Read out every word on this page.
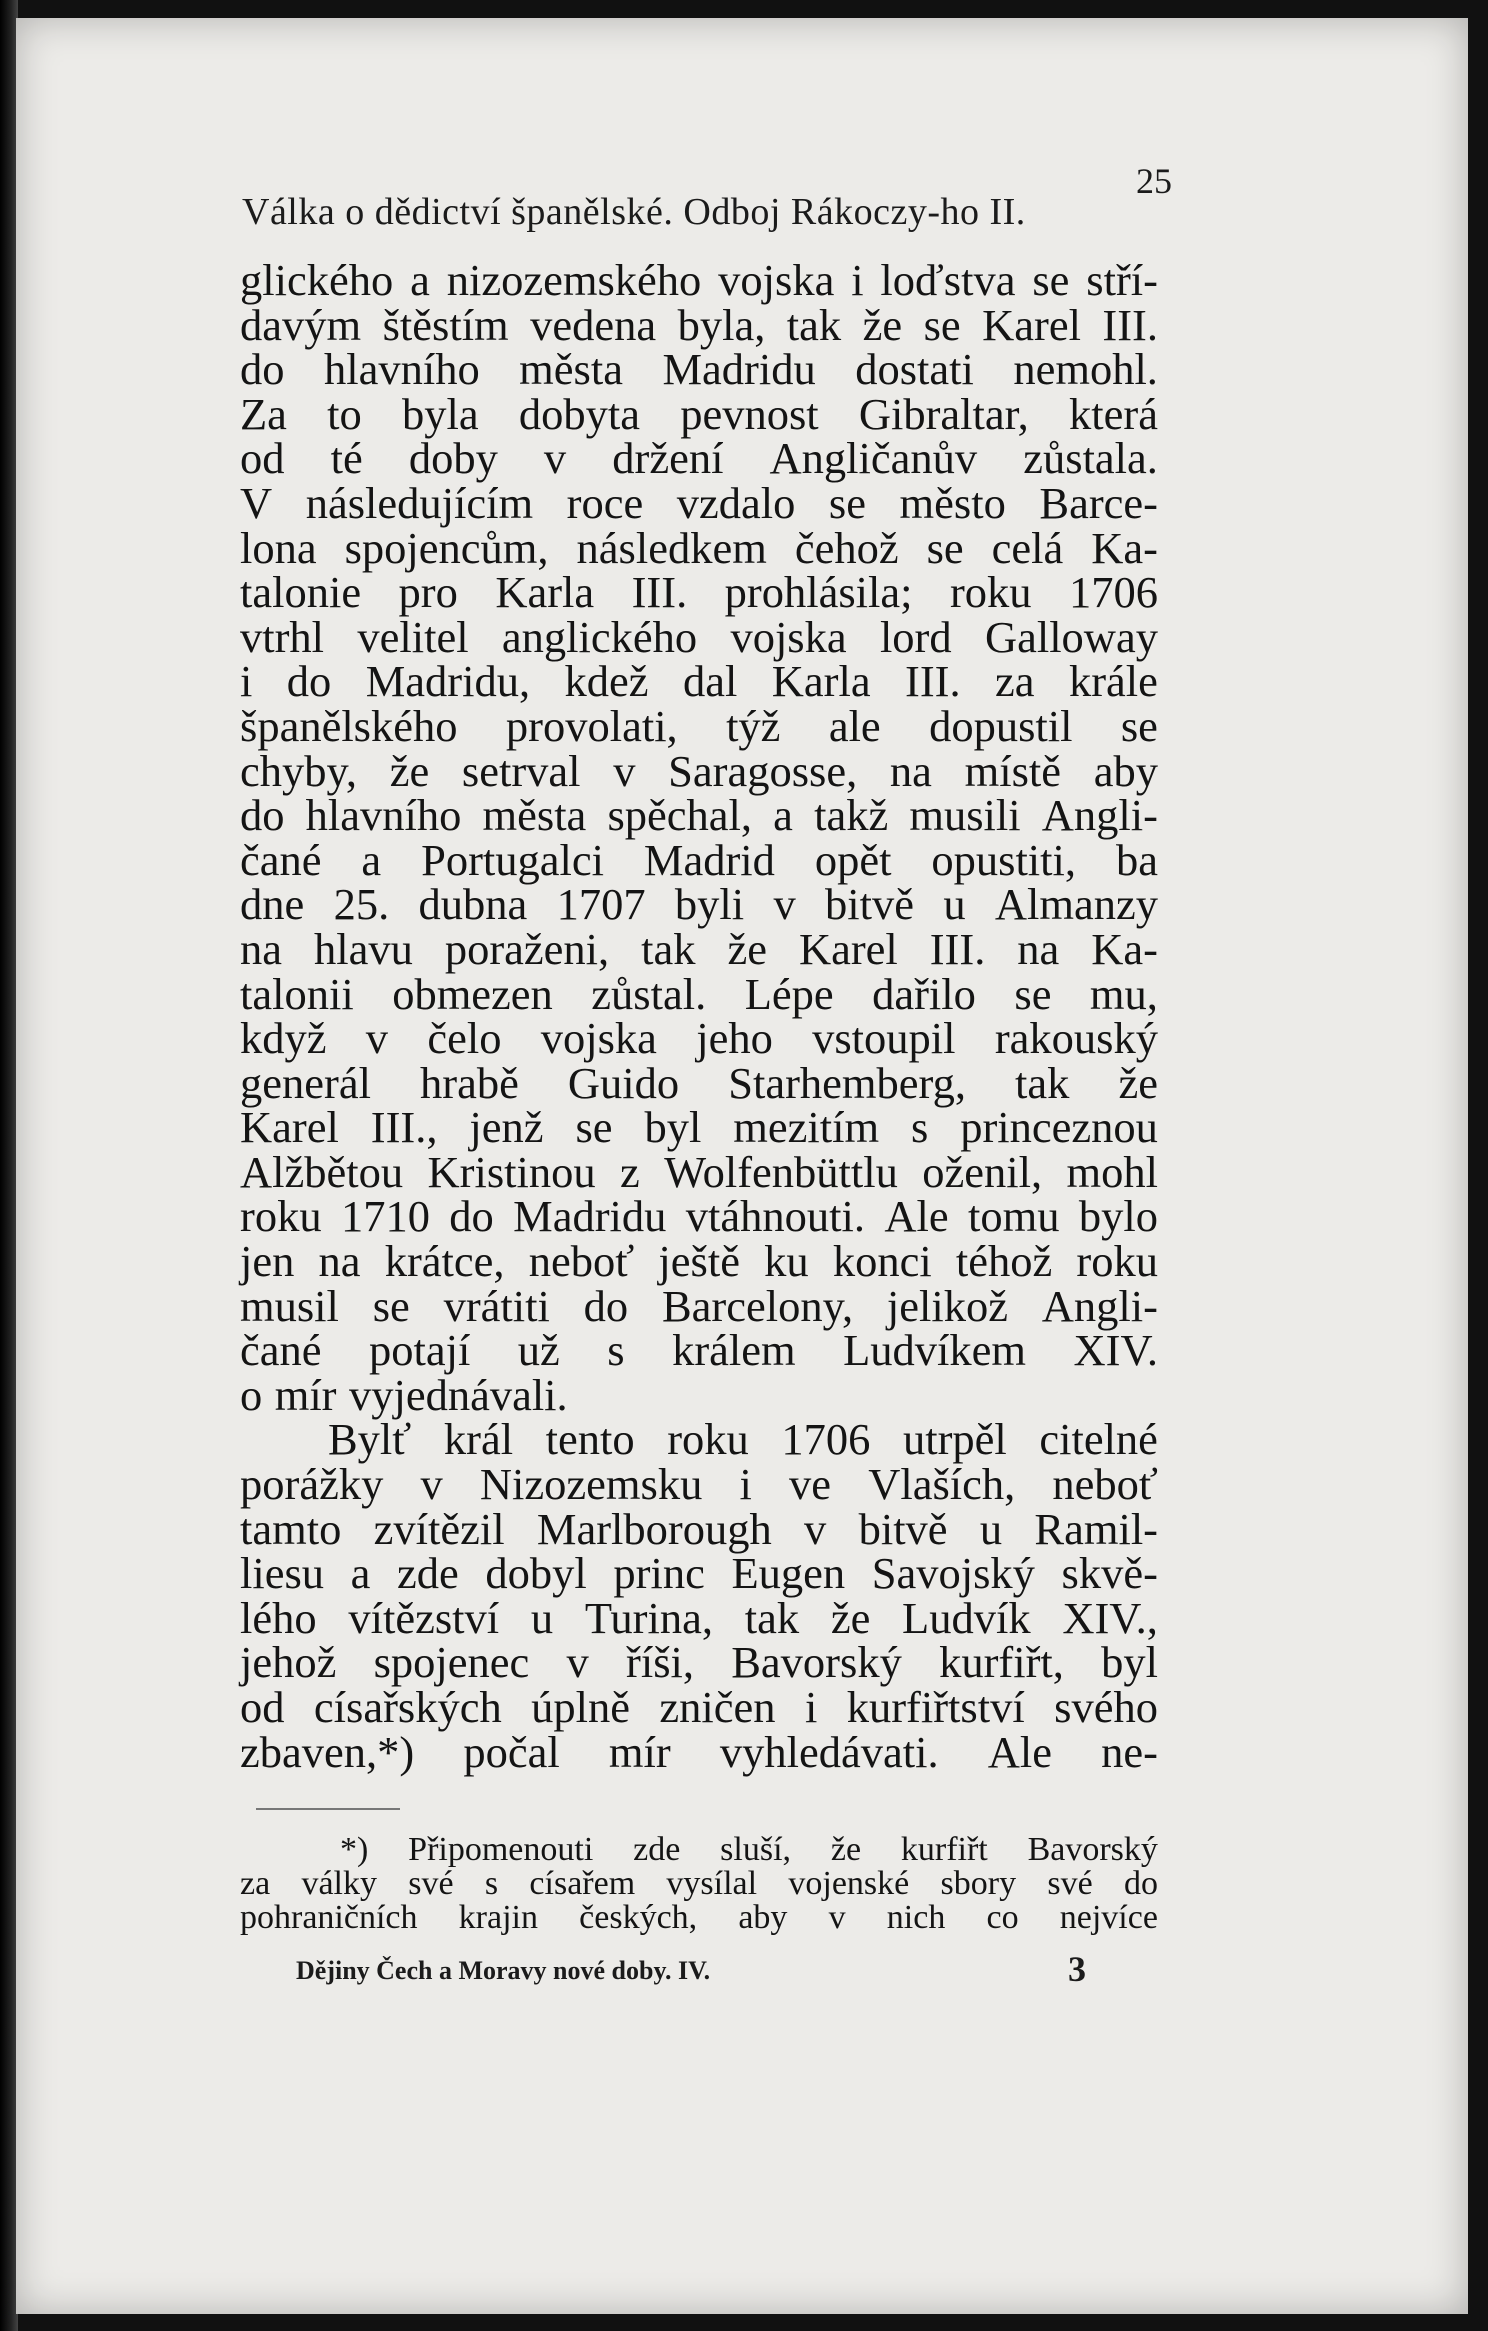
Válka o dědictví španělské. Odboj Rákoczy-ho II.
25
glického a nizozemského vojska i loďstva se stří-
davým štěstím vedena byla, tak že se Karel III.
do hlavního města Madridu dostati nemohl.
Za to byla dobyta pevnost Gibraltar, která
od té doby v držení Angličanův zůstala.
V následujícím roce vzdalo se město Barce-
lona spojencům, následkem čehož se celá Ka-
talonie pro Karla III. prohlásila; roku 1706
vtrhl velitel anglického vojska lord Galloway
i do Madridu, kdež dal Karla III. za krále
španělského provolati, týž ale dopustil se
chyby, že setrval v Saragosse, na místě aby
do hlavního města spěchal, a takž musili Angli-
čané a Portugalci Madrid opět opustiti, ba
dne 25. dubna 1707 byli v bitvě u Almanzy
na hlavu poraženi, tak že Karel III. na Ka-
talonii obmezen zůstal. Lépe dařilo se mu,
když v čelo vojska jeho vstoupil rakouský
generál hrabě Guido Starhemberg, tak že
Karel III., jenž se byl mezitím s princeznou
Alžbětou Kristinou z Wolfenbüttlu oženil, mohl
roku 1710 do Madridu vtáhnouti. Ale tomu bylo
jen na krátce, neboť ještě ku konci téhož roku
musil se vrátiti do Barcelony, jelikož Angli-
čané potají už s králem Ludvíkem XIV.
o mír vyjednávali.
Bylť král tento roku 1706 utrpěl citelné
porážky v Nizozemsku i ve Vlaších, neboť
tamto zvítězil Marlborough v bitvě u Ramil-
liesu a zde dobyl princ Eugen Savojský skvě-
lého vítězství u Turina, tak že Ludvík XIV.,
jehož spojenec v říši, Bavorský kurfiřt, byl
od císařských úplně zničen i kurfiřtství svého
zbaven,*) počal mír vyhledávati. Ale ne-
*) Připomenouti zde sluší, že kurfiřt Bavorský
za války své s císařem vysílal vojenské sbory své do
pohraničních krajin českých, aby v nich co nejvíce
Dějiny Čech a Moravy nové doby. IV.	3
